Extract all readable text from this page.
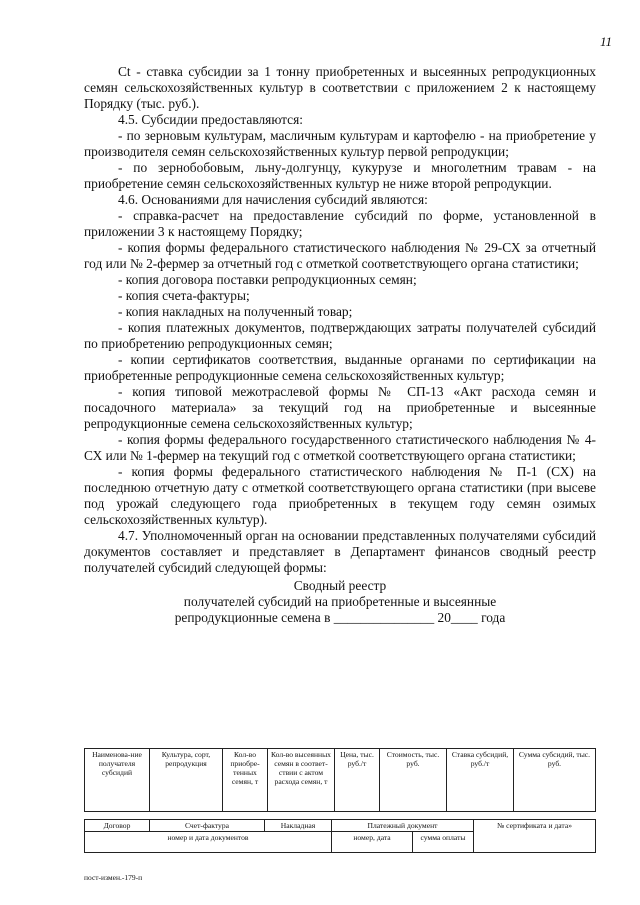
11

Ct - ставка субсидии за 1 тонну приобретенных и высеянных репродукционных семян сельскохозяйственных культур в соответствии с приложением 2 к настоящему Порядку (тыс. руб.).

4.5. Субсидии предоставляются:

- по зерновым культурам, масличным культурам и картофелю - на приобретение у производителя семян сельскохозяйственных культур первой репродукции;

- по зернобобовым, льну-долгунцу, кукурузе и многолетним травам - на приобретение семян сельскохозяйственных культур не ниже второй репродукции.

4.6. Основаниями для начисления субсидий являются:

- справка-расчет на предоставление субсидий по форме, установленной в приложении 3 к настоящему Порядку;

- копия формы федерального статистического наблюдения № 29-СХ за отчетный год или № 2-фермер за отчетный год с отметкой соответствующего органа статистики;

- копия договора поставки репродукционных семян;

- копия счета-фактуры;

- копия накладных на полученный товар;

- копия платежных документов, подтверждающих затраты получателей субсидий по приобретению репродукционных семян;

- копии сертификатов соответствия, выданные органами по сертификации на приобретенные репродукционные семена сельскохозяйственных культур;

- копия типовой межотраслевой формы № СП-13 «Акт расхода семян и посадочного материала» за текущий год на приобретенные и высеянные репродукционные семена сельскохозяйственных культур;

- копия формы федерального государственного статистического наблюдения № 4-СХ или № 1-фермер на текущий год с отметкой соответствующего органа статистики;

- копия формы федерального статистического наблюдения № П-1 (СХ) на последнюю отчетную дату с отметкой соответствующего органа статистики (при высеве под урожай следующего года приобретенных в текущем году семян озимых сельскохозяйственных культур).

4.7. Уполномоченный орган на основании представленных получателями субсидий документов составляет и представляет в Департамент финансов сводный реестр получателей субсидий следующей формы:

Сводный реестр

получателей субсидий на приобретенные и высеянные

репродукционные семена в _______________ 20____ года

Наименова-ние получателя субсидий	Культура, сорт, репродукция	Кол-во приобре-тенных семян, т	Кол-во высеянных семян в соответ-ствии с актом расхода семян, т	Цена, тыс. руб./т	Стоимость, тыс. руб.	Ставка субсидий, руб./т	Сумма субсидий, тыс. руб.
Договор	Счет-фактура	Накладная	Платежный документ		№ сертификата и дата»
номер и дата документов			номер, дата	сумма оплаты	
пост-измен.-179-п
